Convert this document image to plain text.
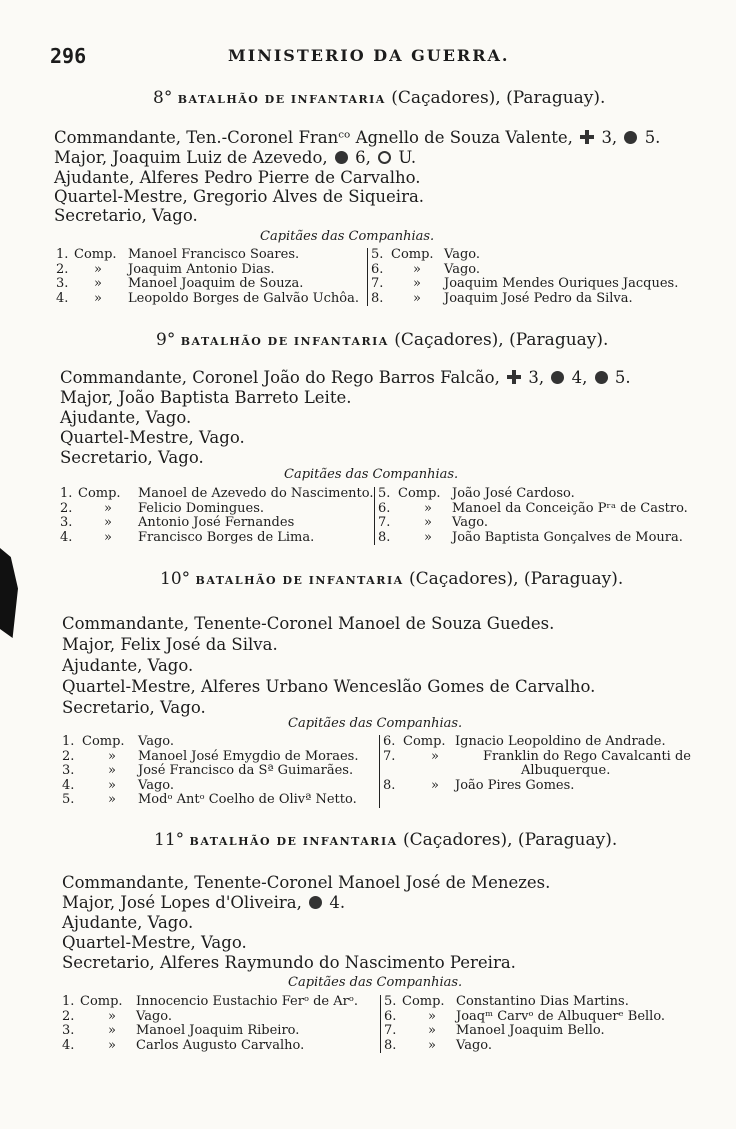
296	MINISTERIO DA GUERRA.
8° BATALHÃO DE INFANTARIA (Caçadores), (Paraguay).
Commandante, Ten.-Coronel Franᶜᵒ Agnello de Souza Valente, 3, 5.
Major, Joaquim Luiz de Azevedo, 6, U.
Ajudante, Alferes Pedro Pierre de Carvalho.
Quartel-Mestre, Gregorio Alves de Siqueira.
Secretario, Vago.
Capitães das Companhias.
1. Comp. Manoel Francisco Soares.
2. » Joaquim Antonio Dias.
3. » Manoel Joaquim de Souza.
4. » Leopoldo Borges de Galvão Uchôa.
5. Comp. Vago.
6. » Vago.
7. » Joaquim Mendes Ouriques Jacques.
8. » Joaquim José Pedro da Silva.
9° BATALHÃO DE INFANTARIA (Caçadores), (Paraguay).
Commandante, Coronel João do Rego Barros Falcão, 3, 4, 5.
Major, João Baptista Barreto Leite.
Ajudante, Vago.
Quartel-Mestre, Vago.
Secretario, Vago.
Capitães das Companhias.
1. Comp. Manoel de Azevedo do Nascimento.
2. » Felicio Domingues.
3. » Antonio José Fernandes
4. » Francisco Borges de Lima.
5. Comp. João José Cardoso.
6.	» Manoel da Conceição Pʳᵃ de Castro.
7.	» Vago.
8.	» João Baptista Gonçalves de Moura.
10° BATALHÃO DE INFANTARIA (Caçadores), (Paraguay).
Commandante, Tenente-Coronel Manoel de Souza Guedes.
Major, Felix José da Silva.
Ajudante, Vago.
Quartel-Mestre, Alferes Urbano Wenceslão Gomes de Carvalho.
Secretario, Vago.
Capitães das Companhias.
1. Comp. Vago.
2.	» Manoel José Emygdio de Moraes.
3.	» José Francisco da Sª Guimarães.
4.	» Vago.
5.	» Modᵒ Antᵒ Coelho de Olivª Netto.
6. Comp. Ignacio Leopoldino de Andrade.
7.	»	Franklin do Rego Cavalcanti de
Albuquerque.
8.	» João Pires Gomes.
11° BATALHÃO DE INFANTARIA (Caçadores), (Paraguay).
Commandante, Tenente-Coronel Manoel José de Menezes.
Major, José Lopes d'Oliveira, 4.
Ajudante, Vago.
Quartel-Mestre, Vago.
Secretario, Alferes Raymundo do Nascimento Pereira.
Capitães das Companhias.
1. Comp. Innocencio Eustachio Ferᵒ de Arᵒ.
2.	» Vago.
3.	» Manoel Joaquim Ribeiro.
4.	» Carlos Augusto Carvalho.
5. Comp. Constantino Dias Martins.
6. » Joaqᵐ Carvᵒ de Albuquerᵉ Bello.
7. » Manoel Joaquim Bello.
8. » Vago.
